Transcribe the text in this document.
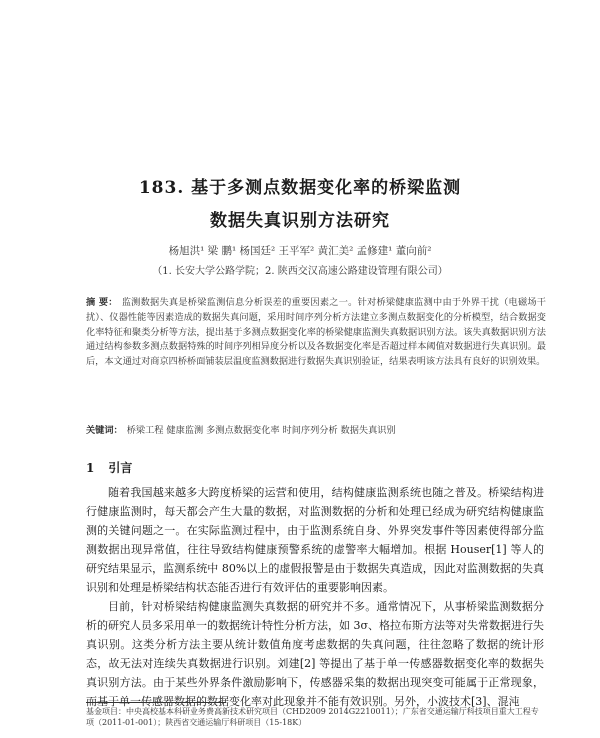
183. 基于多测点数据变化率的桥梁监测
数据失真识别方法研究
杨旭洪¹ 梁 鹏¹ 杨国廷² 王平军² 黄汇美² 孟修建¹ 董向前²
（1. 长安大学公路学院；2. 陕西交汉高速公路建设管理有限公司）
摘 要： 监测数据失真是桥梁监测信息分析误差的重要因素之一。针对桥梁健康监测中由于外界干扰（电磁场干扰）、仪器性能等因素造成的数据失真问题，采用时间序列分析方法建立多测点数据变化的分析模型，结合数据变化率特征和聚类分析等方法，提出基于多测点数据变化率的桥梁健康监测失真数据识别方法。该失真数据识别方法通过结构参数多测点数据特殊的时间序列相异度分析以及各数据变化率是否超过样本阈值对数据进行失真识别。最后，本文通过对商京四桥桥面铺装层温度监测数据进行数据失真识别验证，结果表明该方法具有良好的识别效果。
关键词： 桥梁工程 健康监测 多测点数据变化率 时间序列分析 数据失真识别
1 引言

随着我国越来越多大跨度桥梁的运营和使用，结构健康监测系统也随之普及。桥梁结构进行健康监测时，每天都会产生大量的数据，对监测数据的分析和处理已经成为研究结构健康监测的关键问题之一。在实际监测过程中，由于监测系统自身、外界突发事件等因素使得部分监测数据出现异常值，往往导致结构健康预警系统的虚警率大幅增加。根据 Houser[1] 等人的研究结果显示，监测系统中 80%以上的虚假报警是由于数据失真造成，因此对监测数据的失真识别和处理是桥梁结构状态能否进行有效评估的重要影响因素。

目前，针对桥梁结构健康监测失真数据的研究并不多。通常情况下，从事桥梁监测数据分析的研究人员多采用单一的数据统计特性分析方法，如 3σ、格拉布斯方法等对失常数据进行失真识别。这类分析方法主要从统计数值角度考虑数据的失真问题，往往忽略了数据的统计形态，故无法对连续失真数据进行识别。刘建[2] 等提出了基于单一传感器数据变化率的数据失真识别方法。由于某些外界条件激励影响下，传感器采集的数据出现突变可能属于正常现象，而基于单一传感器数据的数据变化率对此现象并不能有效识别。另外，小波技术[3]、混沌

基金项目：中央高校基本科研业务费高新技术研究项目（CHD2009 2014G2210011）；广东省交通运输厅科技项目重大工程专项（2011-01-001）；陕西省交通运输厅科研项目（15-18K）
